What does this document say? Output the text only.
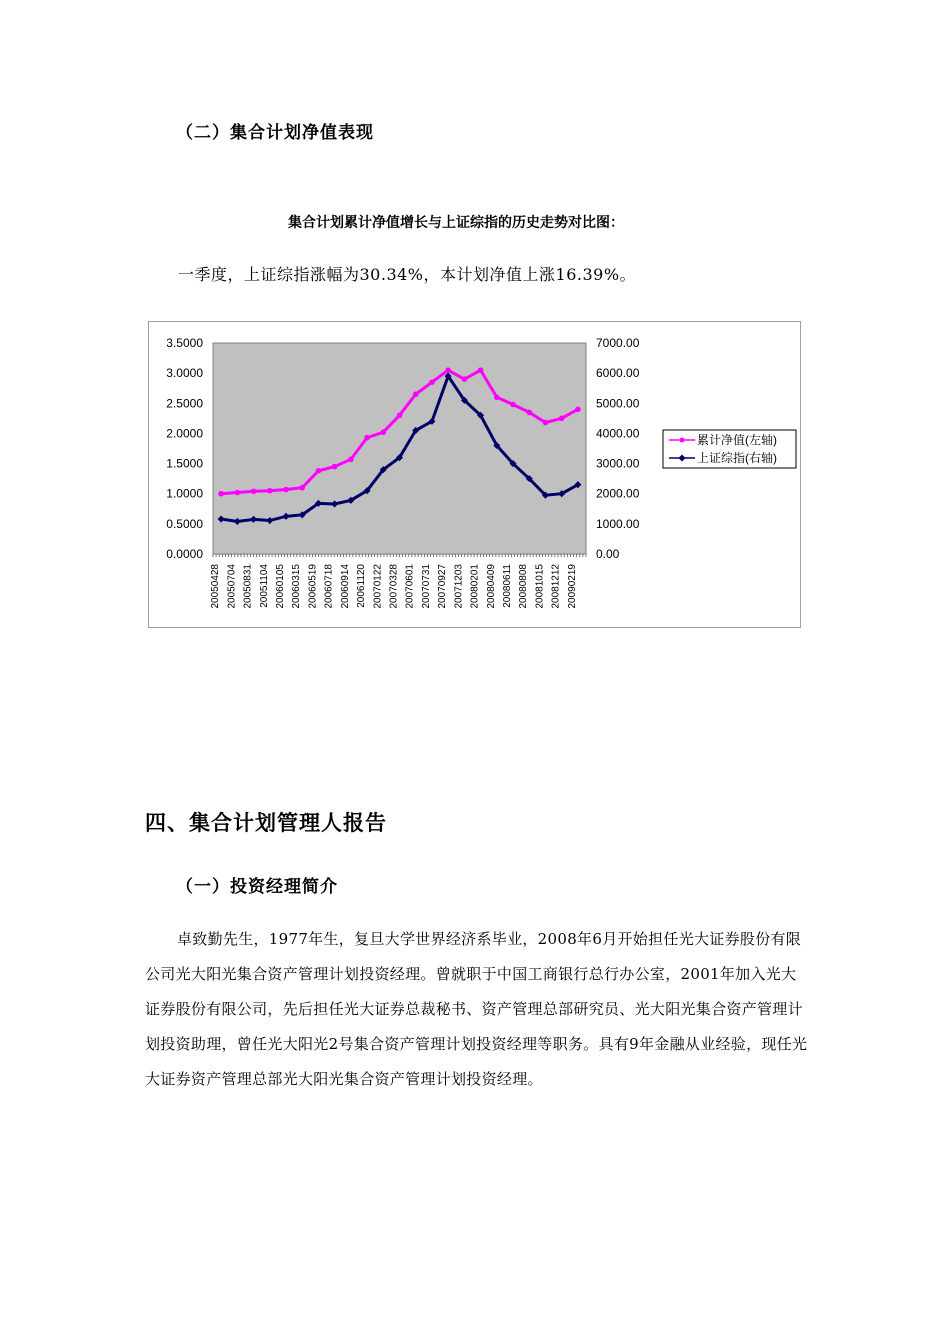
（二）集合计划净值表现
集合计划累计净值增长与上证综指的历史走势对比图：
一季度，上证综指涨幅为30.34%，本计划净值上涨16.39%。
0.0000
0.5000
1.0000
1.5000
2.0000
2.5000
3.0000
3.5000
0.00
1000.00
2000.00
3000.00
4000.00
5000.00
6000.00
7000.00
20050428 20050704 20050831 20051104 20060105 20060315 20060519 20060718 20060914 20061120 20070122 20070328 20070601 20070731 20070927 20071203 20080201 20080409 20080611 20080808 20081015 20081212 20090219
累计净值(左轴)
上证综指(右轴)
四、集合计划管理人报告
（一）投资经理简介
卓致勤先生，1977年生，复旦大学世界经济系毕业，2008年6月开始担任光大证券股份有限公司光大阳光集合资产管理计划投资经理。曾就职于中国工商银行总行办公室，2001年加入光大证券股份有限公司，先后担任光大证券总裁秘书、资产管理总部研究员、光大阳光集合资产管理计划投资助理，曾任光大阳光2号集合资产管理计划投资经理等职务。具有9年金融从业经验，现任光大证券资产管理总部光大阳光集合资产管理计划投资经理。
